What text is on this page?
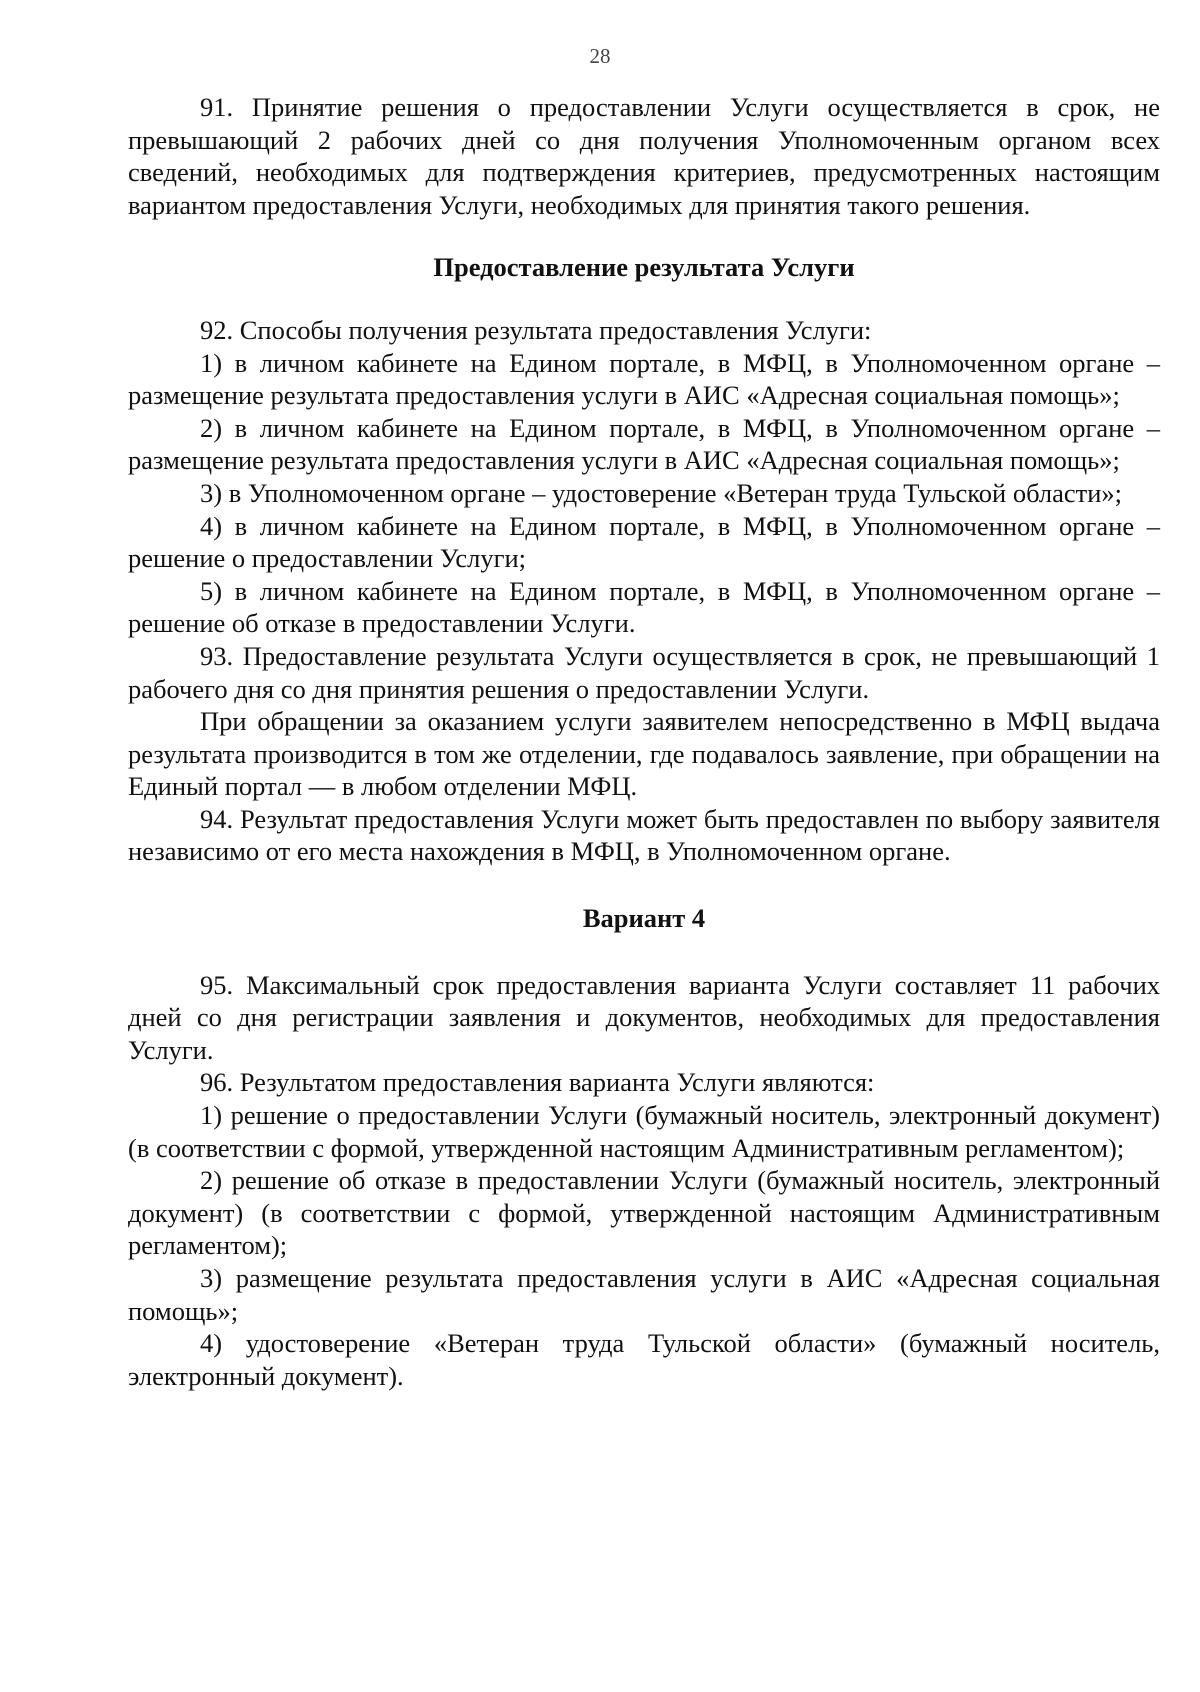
28

91. Принятие решения о предоставлении Услуги осуществляется в срок, не превышающий 2 рабочих дней со дня получения Уполномоченным органом всех сведений, необходимых для подтверждения критериев, предусмотренных настоящим вариантом предоставления Услуги, необходимых для принятия такого решения.

Предоставление результата Услуги

92. Способы получения результата предоставления Услуги:

1) в личном кабинете на Едином портале, в МФЦ, в Уполномоченном органе – размещение результата предоставления услуги в АИС «Адресная социальная помощь»;

2) в личном кабинете на Едином портале, в МФЦ, в Уполномоченном органе – размещение результата предоставления услуги в АИС «Адресная социальная помощь»;

3) в Уполномоченном органе – удостоверение «Ветеран труда Тульской области»;

4) в личном кабинете на Едином портале, в МФЦ, в Уполномоченном органе – решение о предоставлении Услуги;

5) в личном кабинете на Едином портале, в МФЦ, в Уполномоченном органе – решение об отказе в предоставлении Услуги.

93. Предоставление результата Услуги осуществляется в срок, не превышающий 1 рабочего дня со дня принятия решения о предоставлении Услуги.

При обращении за оказанием услуги заявителем непосредственно в МФЦ выдача результата производится в том же отделении, где подавалось заявление, при обращении на Единый портал — в любом отделении МФЦ.

94. Результат предоставления Услуги может быть предоставлен по выбору заявителя независимо от его места нахождения в МФЦ, в Уполномоченном органе.

Вариант 4

95. Максимальный срок предоставления варианта Услуги составляет 11 рабочих дней со дня регистрации заявления и документов, необходимых для предоставления Услуги.

96. Результатом предоставления варианта Услуги являются:

1) решение о предоставлении Услуги (бумажный носитель, электронный документ) (в соответствии с формой, утвержденной настоящим Административным регламентом);

2) решение об отказе в предоставлении Услуги (бумажный носитель, электронный документ) (в соответствии с формой, утвержденной настоящим Административным регламентом);

3) размещение результата предоставления услуги в АИС «Адресная социальная помощь»;

4) удостоверение «Ветеран труда Тульской области» (бумажный носитель, электронный документ).
